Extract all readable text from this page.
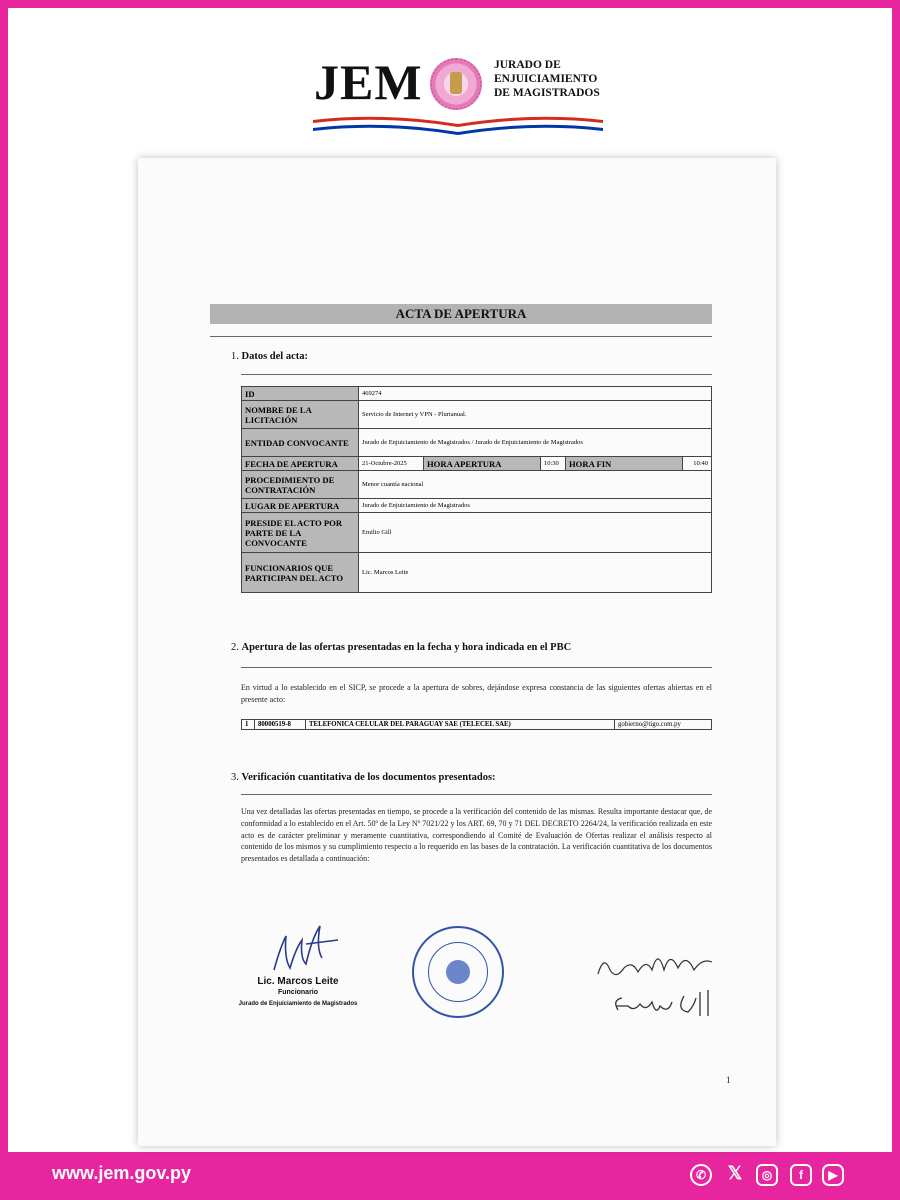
JEM	JURADO DE
ENJUICIAMIENTO
DE MAGISTRADOS
ACTA DE APERTURA
1. Datos del acta:
ID	469274				
NOMBRE DE LA LICITACIÓN	Servicio de Internet y VPN - Plurianual.				
ENTIDAD CONVOCANTE	Jurado de Enjuiciamiento de Magistrados / Jurado de Enjuiciamiento de Magistrados				
FECHA DE APERTURA	21-Octubre-2025	HORA APERTURA	10:30	HORA FIN	10:40
PROCEDIMIENTO DE CONTRATACIÓN	Menor cuantía nacional				
LUGAR DE APERTURA	Jurado de Enjuiciamiento de Magistrados				
PRESIDE EL ACTO POR PARTE DE LA CONVOCANTE	Emilio Gill				
FUNCIONARIOS QUE PARTICIPAN DEL ACTO	Lic. Marcos Leite				
2. Apertura de las ofertas presentadas en la fecha y hora indicada en el PBC
En virtud a lo establecido en el SICP, se procede a la apertura de sobres, dejándose expresa constancia de las siguientes ofertas abiertas en el presente acto:
1	80000519-8	TELEFONICA CELULAR DEL PARAGUAY SAE (TELECEL SAE)	gobierno@tigo.com.py
3. Verificación cuantitativa de los documentos presentados:
Una vez detalladas las ofertas presentadas en tiempo, se procede a la verificación del contenido de las mismas. Resulta importante destacar que, de conformidad a lo establecido en el Art. 50º de la Ley Nº 7021/22 y los ART. 69, 70 y 71 DEL DECRETO 2264/24, la verificación realizada en este acto es de carácter preliminar y meramente cuantitativa, correspondiendo al Comité de Evaluación de Ofertas realizar el análisis respecto al contenido de los mismos y su cumplimiento respecto a lo requerido en las bases de la contratación. La verificación cuantitativa de los documentos presentados es detallada a continuación:
Lic. Marcos Leite
Funcionario
Jurado de Enjuiciamiento de Magistrados
1
www.jem.gov.py	✆	𝕏	◎	f	▶
